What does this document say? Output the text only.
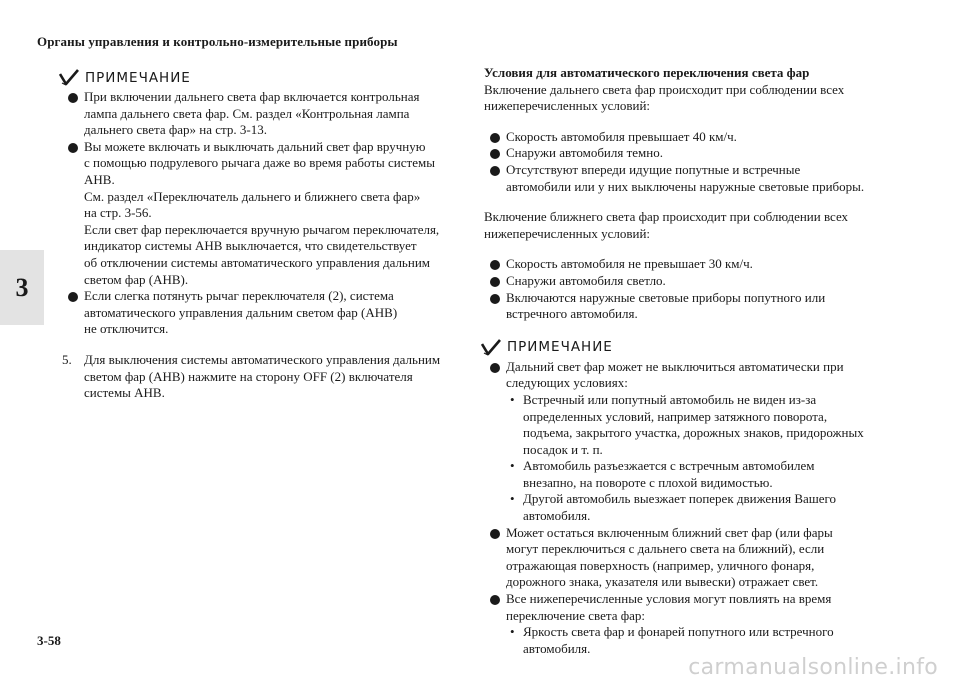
Органы управления и контрольно-измерительные приборы
3
ПРИМЕЧАНИЕ
При включении дальнего света фар включается контрольная
лампа дальнего света фар. См. раздел «Контрольная лампа
дальнего света фар» на стр. 3-13.
Вы можете включать и выключать дальний свет фар вручную
с помощью подрулевого рычага даже во время работы системы
AHB.
См. раздел «Переключатель дальнего и ближнего света фар»
на стр. 3-56.
Если свет фар переключается вручную рычагом переключателя,
индикатор системы AHB выключается, что свидетельствует
об отключении системы автоматического управления дальним
светом фар (AHB).
Если слегка потянуть рычаг переключателя (2), система
автоматического управления дальним светом фар (AHB)
не отключится.
5. Для выключения системы автоматического управления дальним
светом фар (AHB) нажмите на сторону OFF (2) включателя
системы AHB.
Условия для автоматического переключения света фар
Включение дальнего света фар происходит при соблюдении всех
нижеперечисленных условий:
Скорость автомобиля превышает 40 км/ч.
Снаружи автомобиля темно.
Отсутствуют впереди идущие попутные и встречные
автомобили или у них выключены наружные световые приборы.
Включение ближнего света фар происходит при соблюдении всех
нижеперечисленных условий:
Скорость автомобиля не превышает 30 км/ч.
Снаружи автомобиля светло.
Включаются наружные световые приборы попутного или
встречного автомобиля.
ПРИМЕЧАНИЕ
Дальний свет фар может не выключиться автоматически при
следующих условиях:
• Встречный или попутный автомобиль не виден из-за
определенных условий, например затяжного поворота,
подъема, закрытого участка, дорожных знаков, придорожных
посадок и т. п.
• Автомобиль разъезжается с встречным автомобилем
внезапно, на повороте с плохой видимостью.
• Другой автомобиль выезжает поперек движения Вашего
автомобиля.
Может остаться включенным ближний свет фар (или фары
могут переключиться с дальнего света на ближний), если
отражающая поверхность (например, уличного фонаря,
дорожного знака, указателя или вывески) отражает свет.
Все нижеперечисленные условия могут повлиять на время
переключение света фар:
• Яркость света фар и фонарей попутного или встречного
автомобиля.
3-58
carmanualsonline.info
